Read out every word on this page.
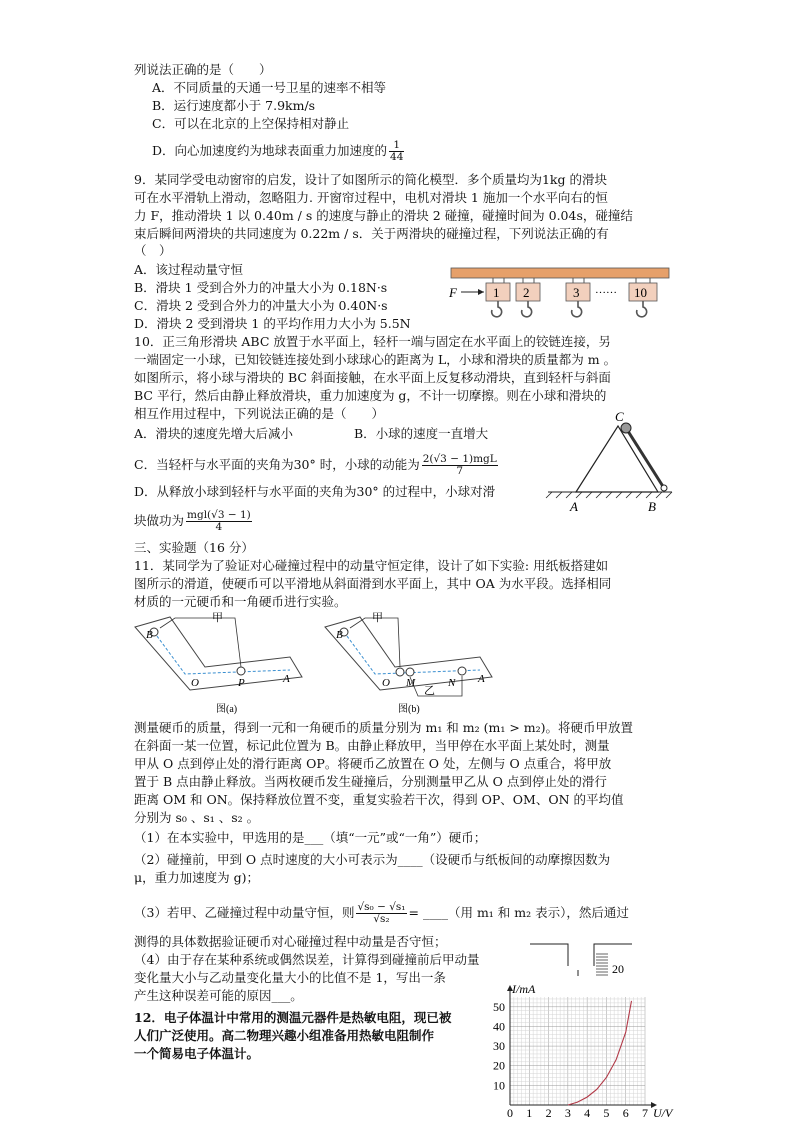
列说法正确的是（　　）
A．不同质量的天通一号卫星的速率不相等
B．运行速度都小于 7.9km/s
C．可以在北京的上空保持相对静止
D．向心加速度约为地球表面重力加速度的 $\frac{1}{44}$
9．某同学受电动窗帘的启发，设计了如图所示的简化模型．多个质量均为1kg 的滑块
可在水平滑轨上滑动，忽略阻力. 开窗帘过程中，电机对滑块 1 施加一个水平向右的恒
力 F，推动滑块 1 以 0.40m / s 的速度与静止的滑块 2 碰撞，碰撞时间为 0.04s，碰撞结
束后瞬间两滑块的共同速度为 0.22m / s．关于两滑块的碰撞过程，下列说法正确的有
（　）
A．该过程动量守恒
B．滑块 1 受到合外力的冲量大小为 0.18N·s
C．滑块 2 受到合外力的冲量大小为 0.40N·s
D．滑块 2 受到滑块 1 的平均作用力大小为 5.5N
F	1 2	3 …… 10
10．正三角形滑块 ABC 放置于水平面上，轻杆一端与固定在水平面上的铰链连接，另
一端固定一小球，已知铰链连接处到小球球心的距离为 L，小球和滑块的质量都为 m 。
如图所示，将小球与滑块的 BC 斜面接触，在水平面上反复移动滑块，直到轻杆与斜面
BC 平行，然后由静止释放滑块，重力加速度为 g，不计一切摩擦。则在小球和滑块的
相互作用过程中，下列说法正确的是（　　）
A．滑块的速度先增大后减小	B．小球的速度一直增大
C．当轻杆与水平面的夹角为30° 时，小球的动能为 $\frac{\text{2(√3 − 1)mgL}}{7}$
D．从释放小球到轻杆与水平面的夹角为30° 的过程中，小球对滑
块做功为 $\frac{\text{mgl(√3 − 1)}}{4}$
C
A	B
三、实验题（16 分）
11．某同学为了验证对心碰撞过程中的动量守恒定律，设计了如下实验: 用纸板搭建如
图所示的滑道，使硬币可以平滑地从斜面滑到水平面上，其中 OA 为水平段。选择相同
材质的一元硬币和一角硬币进行实验。
甲
B
O	P	A
图(a)
甲
乙
B
O M	N A
图(b)
测量硬币的质量，得到一元和一角硬币的质量分别为 m₁ 和 m₂ (m₁ > m₂)。将硬币甲放置
在斜面一某一位置，标记此位置为 B。由静止释放甲，当甲停在水平面上某处时，测量
甲从 O 点到停止处的滑行距离 OP。将硬币乙放置在 O 处，左侧与 O 点重合，将甲放
置于 B 点由静止释放。当两枚硬币发生碰撞后，分别测量甲乙从 O 点到停止处的滑行
距离 OM 和 ON。保持释放位置不变，重复实验若干次，得到 OP、OM、ON 的平均值
分别为 s₀ 、s₁ 、s₂ 。
（1）在本实验中，甲选用的是___（填“一元”或“一角”）硬币；
（2）碰撞前，甲到 O 点时速度的大小可表示为____（设硬币与纸板间的动摩擦因数为
μ，重力加速度为 g)；
（3）若甲、乙碰撞过程中动量守恒，则 $\frac{\text{√s₀ − √s₁}}{\text{√s₂}}$ = ____（用 m₁ 和 m₂ 表示），然后通过
测得的具体数据验证硬币对心碰撞过程中动量是否守恒；
（4）由于存在某种系统或偶然误差，计算得到碰撞前后甲动量
变化量大小与乙动量变化量大小的比值不是 1，写出一条
产生这种误差可能的原因___。
20
12．电子体温计中常用的测温元器件是热敏电阻，现已被
人们广泛使用。高二物理兴趣小组准备用热敏电阻制作
一个简易电子体温计。
0 1 2 3 4 5 6 7
10
20
30
40
50
U/V
I/mA
